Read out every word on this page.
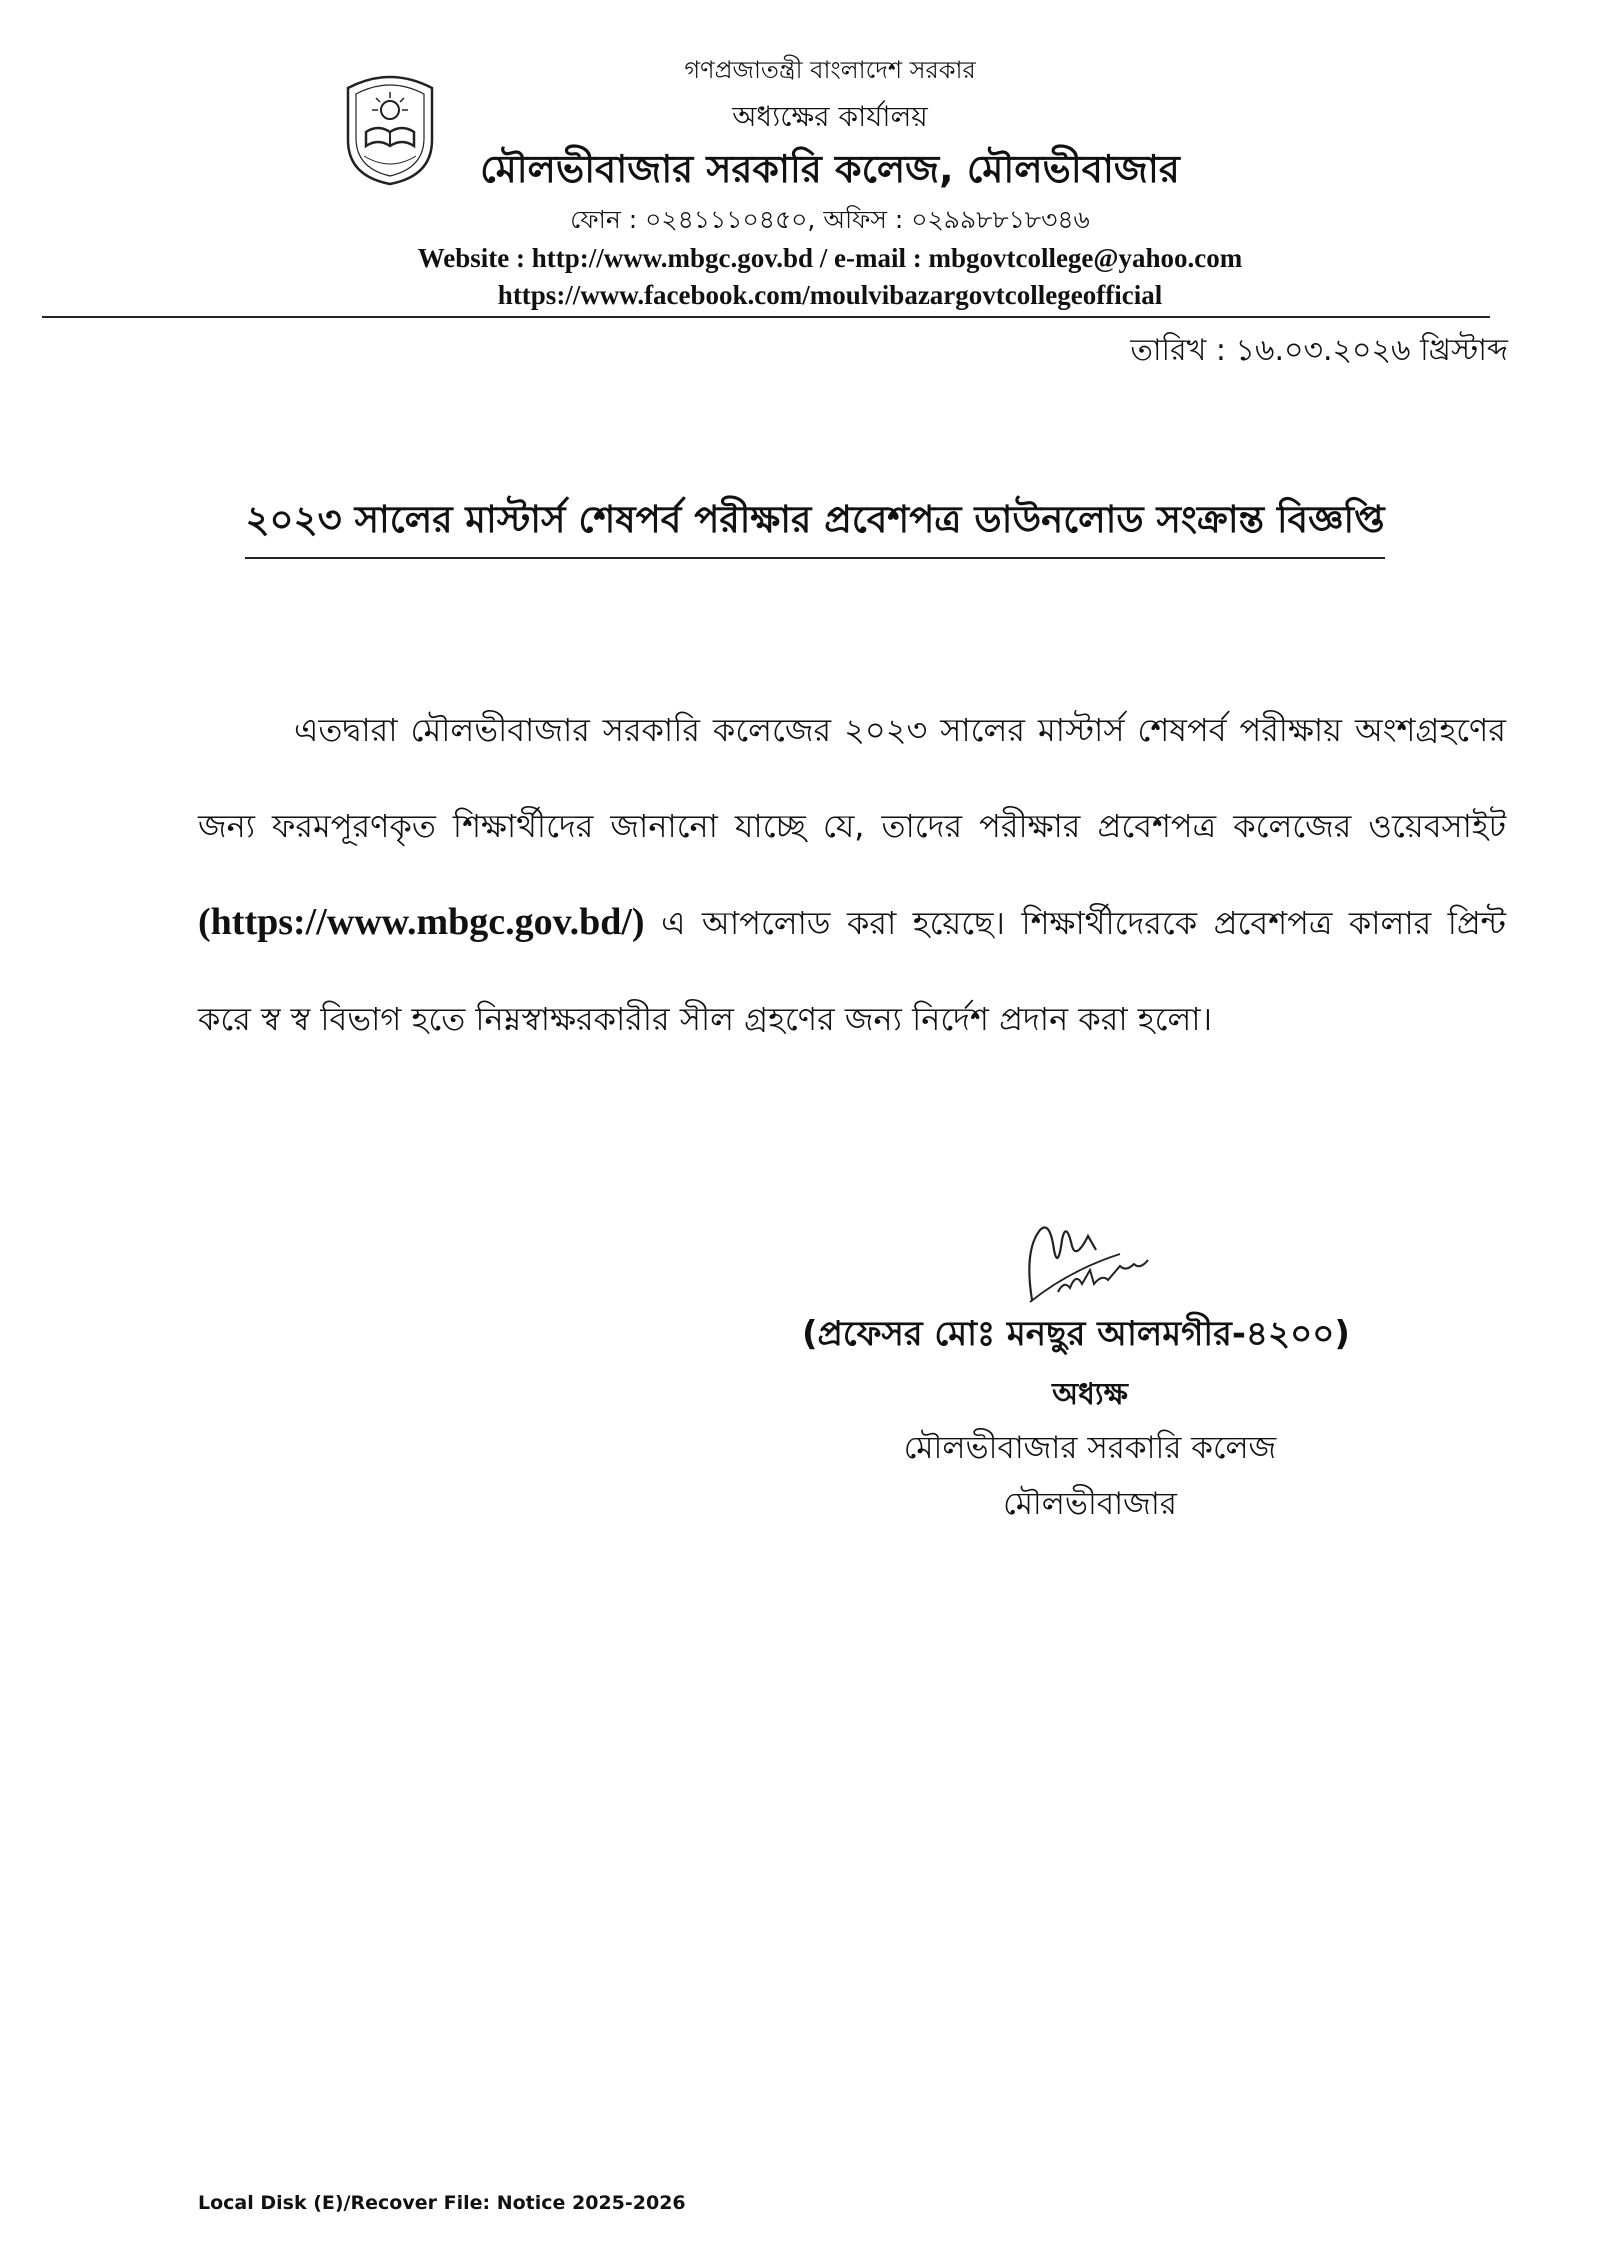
গণপ্রজাতন্ত্রী বাংলাদেশ সরকার
অধ্যক্ষের কার্যালয়
মৌলভীবাজার সরকারি কলেজ, মৌলভীবাজার
ফোন : ০২৪১১১০৪৫০, অফিস : ০২৯৯৮৮১৮৩৪৬
Website : http://www.mbgc.gov.bd / e-mail : mbgovtcollege@yahoo.com
https://www.facebook.com/moulvibazargovtcollegeofficial
তারিখ : ১৬.০৩.২০২৬ খ্রিস্টাব্দ
২০২৩ সালের মাস্টার্স শেষপর্ব পরীক্ষার প্রবেশপত্র ডাউনলোড সংক্রান্ত বিজ্ঞপ্তি

এতদ্বারা মৌলভীবাজার সরকারি কলেজের ২০২৩ সালের মাস্টার্স শেষপর্ব পরীক্ষায় অংশগ্রহণের জন্য ফরমপূরণকৃত শিক্ষার্থীদের জানানো যাচ্ছে যে, তাদের পরীক্ষার প্রবেশপত্র কলেজের ওয়েবসাইট (https://www.mbgc.gov.bd/) এ আপলোড করা হয়েছে। শিক্ষার্থীদেরকে প্রবেশপত্র কালার প্রিন্ট করে স্ব স্ব বিভাগ হতে নিম্নস্বাক্ষরকারীর সীল গ্রহণের জন্য নির্দেশ প্রদান করা হলো।

(প্রফেসর মোঃ মনছুর আলমগীর-৪২০০)
অধ্যক্ষ
মৌলভীবাজার সরকারি কলেজ
মৌলভীবাজার
Local Disk (E)/Recover File: Notice 2025-2026
